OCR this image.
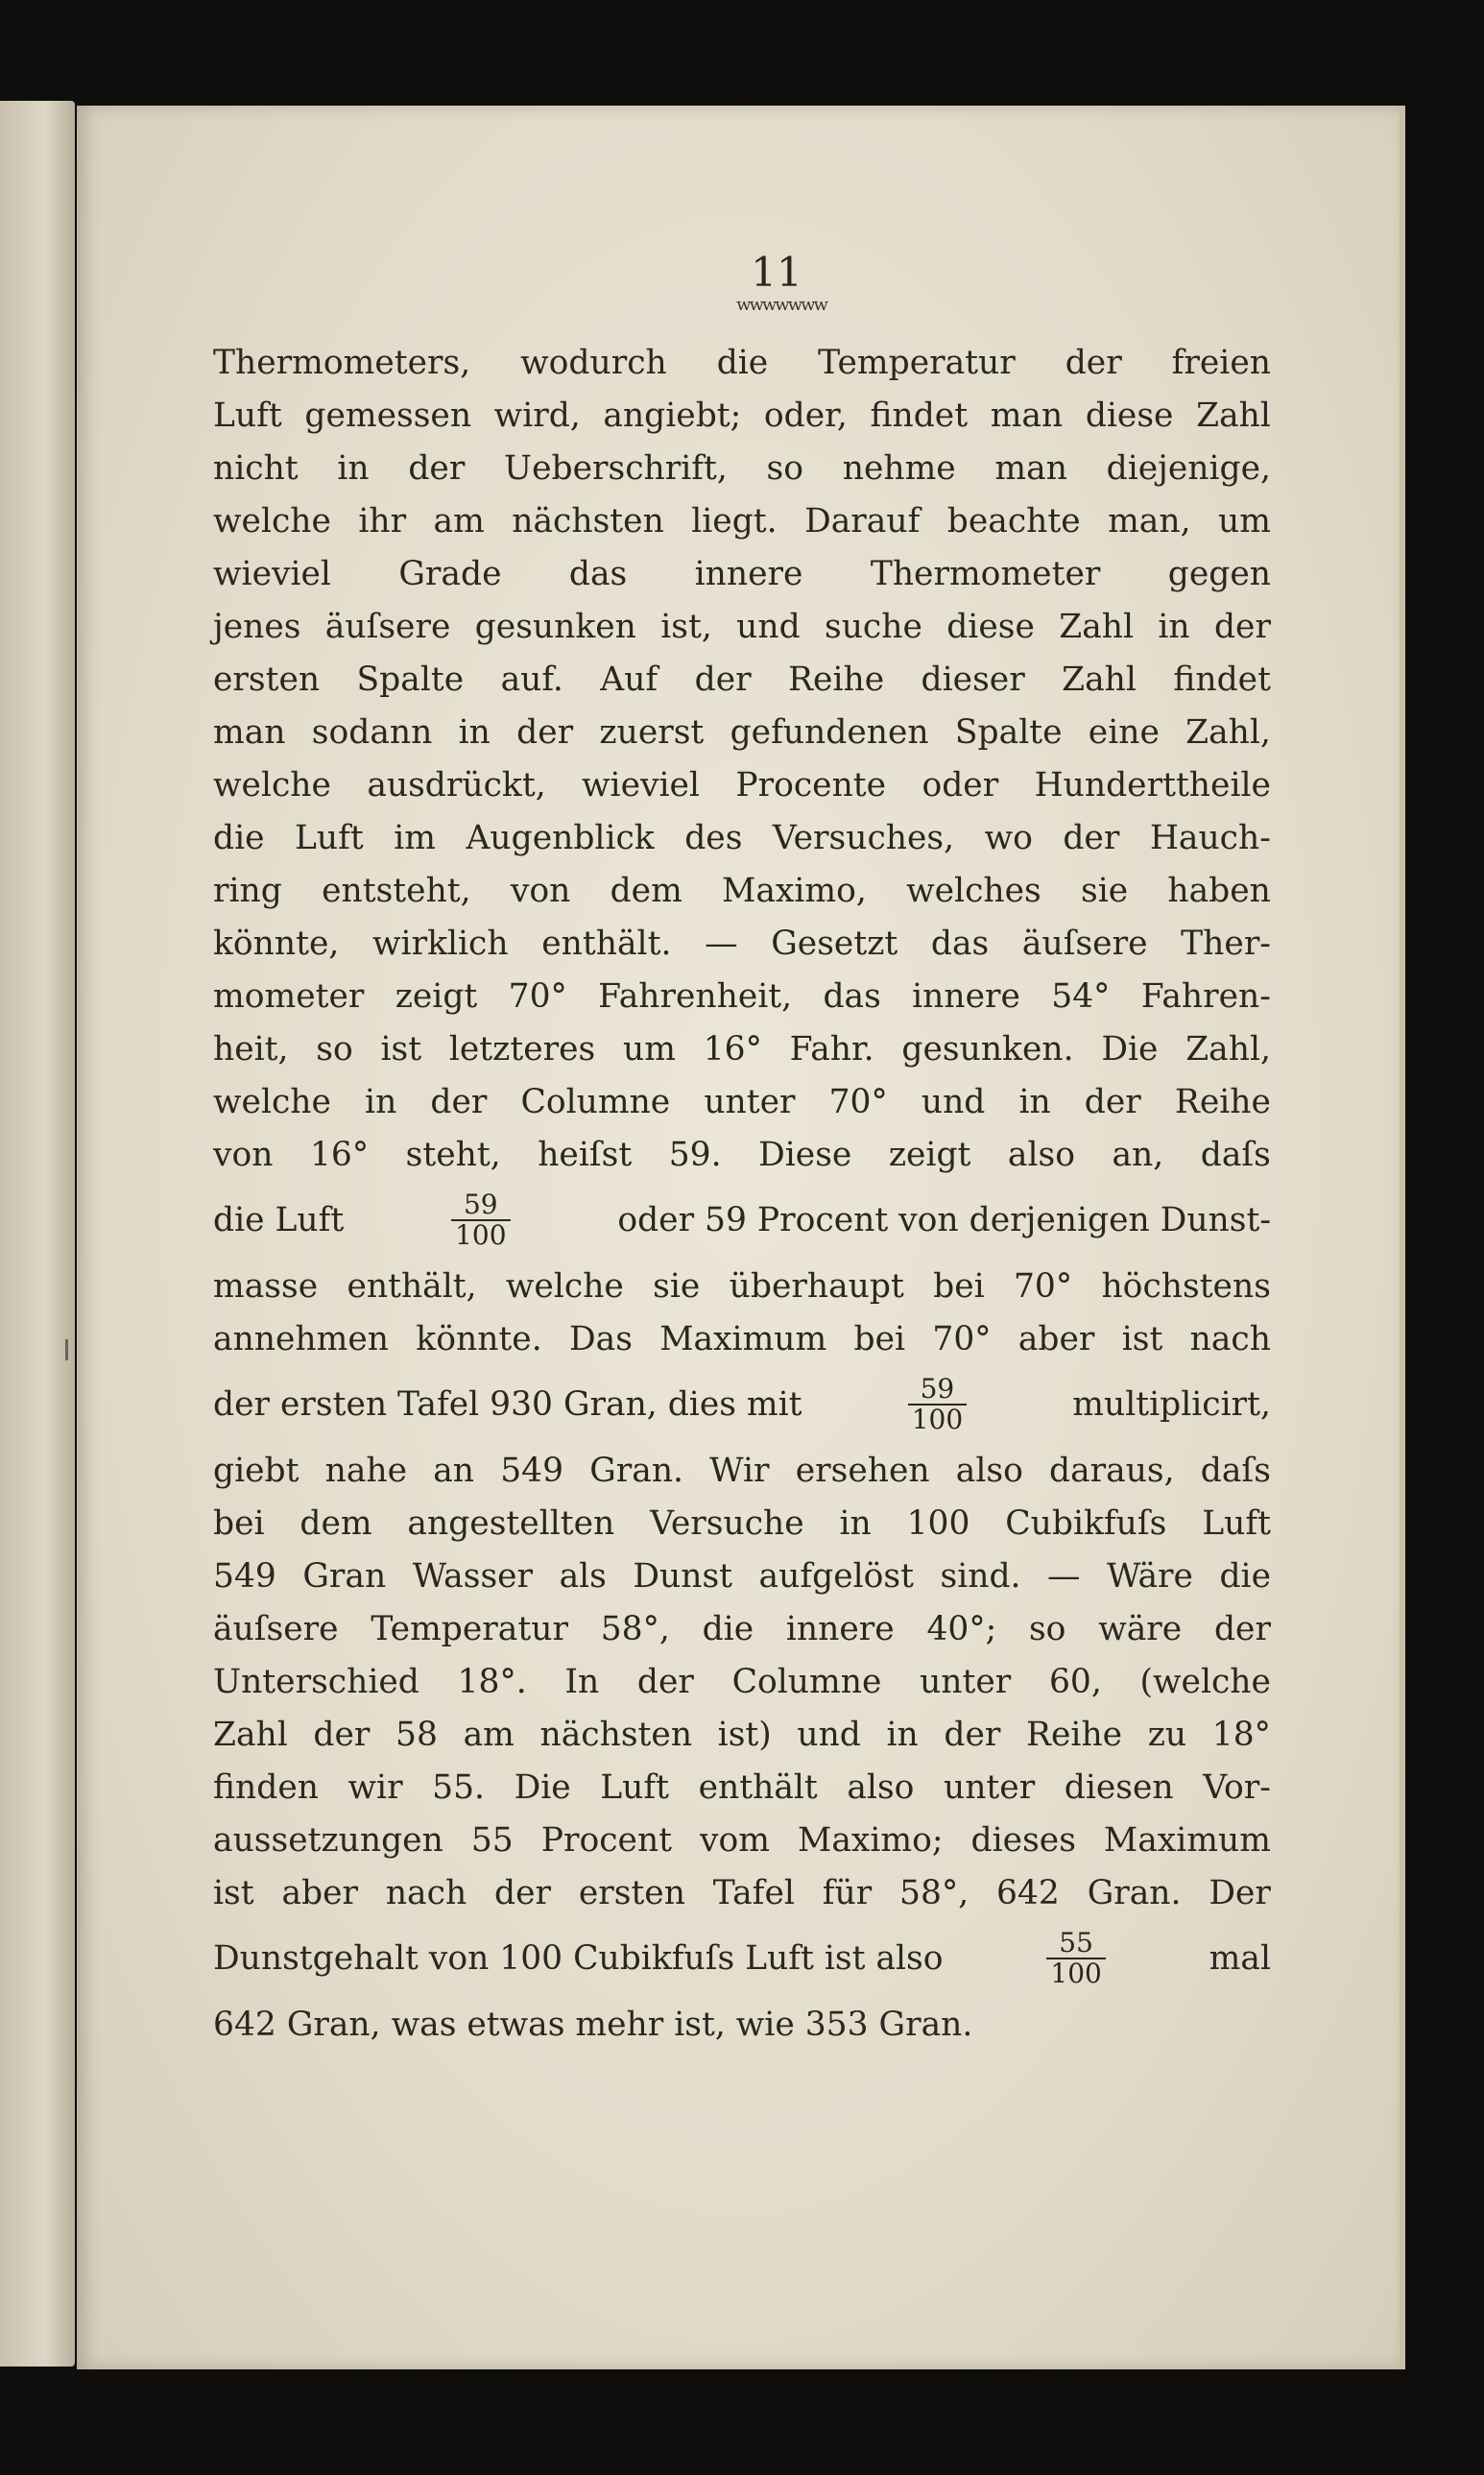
11
wwwwwww
Thermometers, wodurch die Temperatur der freien
Luft gemessen wird, angiebt; oder, findet man diese Zahl
nicht in der Ueberschrift, so nehme man diejenige,
welche ihr am nächsten liegt. Darauf beachte man, um
wieviel Grade das innere Thermometer gegen
jenes äuſsere gesunken ist, und suche diese Zahl in der
ersten Spalte auf. Auf der Reihe dieser Zahl findet
man sodann in der zuerst gefundenen Spalte eine Zahl,
welche ausdrückt, wieviel Procente oder Hunderttheile
die Luft im Augenblick des Versuches, wo der Hauch-
ring entsteht, von dem Maximo, welches sie haben
könnte, wirklich enthält. — Gesetzt das äuſsere Ther-
mometer zeigt 70° Fahrenheit, das innere 54° Fahren-
heit, so ist letzteres um 16° Fahr. gesunken. Die Zahl,
welche in der Columne unter 70° und in der Reihe
von 16° steht, heiſst 59. Diese zeigt also an, daſs
die Luft	$\frac{59}{100}$	oder 59 Procent von derjenigen Dunst-
masse enthält, welche sie überhaupt bei 70° höchstens
annehmen könnte. Das Maximum bei 70° aber ist nach
der ersten Tafel 930 Gran, dies mit	$\frac{59}{100}$	multiplicirt,
giebt nahe an 549 Gran. Wir ersehen also daraus, daſs
bei dem angestellten Versuche in 100 Cubikfuſs Luft
549 Gran Wasser als Dunst aufgelöst sind. — Wäre die
äuſsere Temperatur 58°, die innere 40°; so wäre der
Unterschied 18°. In der Columne unter 60, (welche
Zahl der 58 am nächsten ist) und in der Reihe zu 18°
finden wir 55. Die Luft enthält also unter diesen Vor-
aussetzungen 55 Procent vom Maximo; dieses Maximum
ist aber nach der ersten Tafel für 58°, 642 Gran. Der
Dunstgehalt von 100 Cubikfuſs Luft ist also	$\frac{55}{100}$	mal
642 Gran, was etwas mehr ist, wie 353 Gran.
